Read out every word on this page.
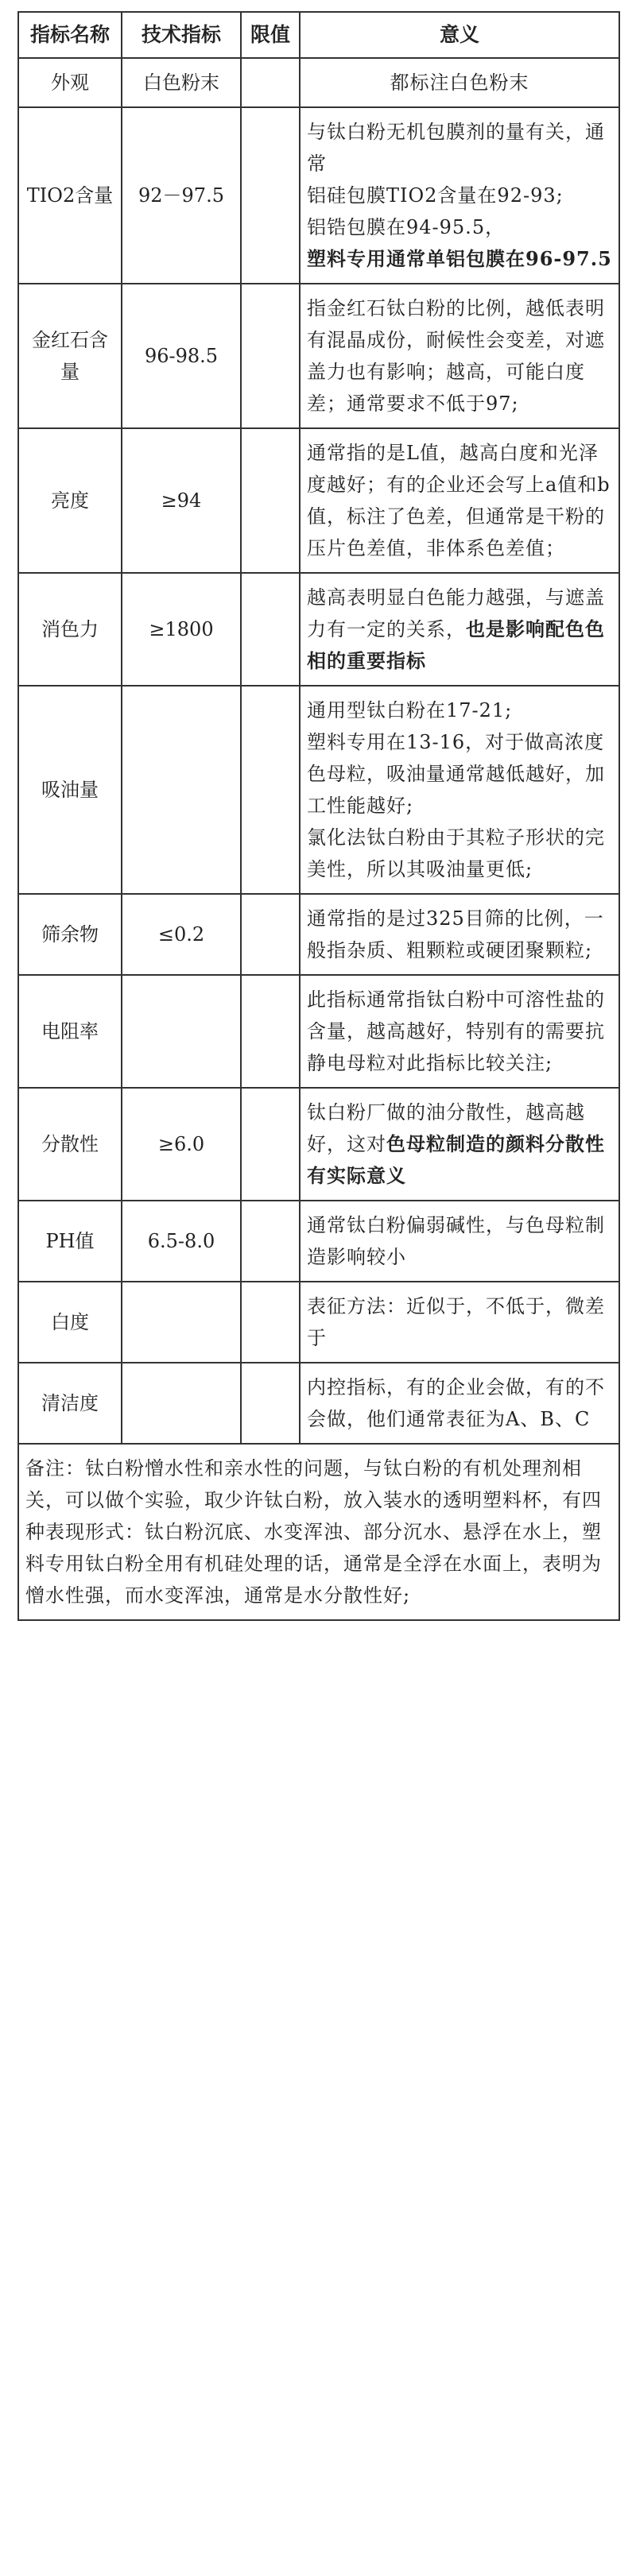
指标名称	技术指标	限值	意义
外观	白色粉末		都标注白色粉末

TIO2含量	92－97.5		与钛白粉无机包膜剂的量有关，通常
铝硅包膜TIO2含量在92-93;
铝锆包膜在94-95.5，
塑料专用通常单铝包膜在96-97.5

金红石含量	96-98.5		指金红石钛白粉的比例，越低表明有混晶成份，耐候性会变差，对遮盖力也有影响；越高，可能白度差；通常要求不低于97;

亮度	≥94		通常指的是L值，越高白度和光泽度越好；有的企业还会写上a值和b值，标注了色差，但通常是干粉的压片色差值，非体系色差值；

消色力	≥1800		越高表明显白色能力越强，与遮盖力有一定的关系，也是影响配色色相的重要指标
吸油量			通用型钛白粉在17-21;
塑料专用在13-16，对于做高浓度色母粒，吸油量通常越低越好，加工性能越好;
氯化法钛白粉由于其粒子形状的完美性，所以其吸油量更低;

筛余物	≤0.2		通常指的是过325目筛的比例，一般指杂质、粗颗粒或硬团聚颗粒;

电阻率			此指标通常指钛白粉中可溶性盐的含量，越高越好，特别有的需要抗静电母粒对此指标比较关注;

分散性	≥6.0		钛白粉厂做的油分散性，越高越好，这对色母粒制造的颜料分散性有实际意义
PH值	6.5-8.0		通常钛白粉偏弱碱性，与色母粒制造影响较小

白度			表征方法：近似于，不低于，微差于

清洁度			内控指标，有的企业会做，有的不会做，他们通常表征为A、B、C

备注：钛白粉憎水性和亲水性的问题，与钛白粉的有机处理剂相关，可以做个实验，取少许钛白粉，放入装水的透明塑料杯，有四种表现形式：钛白粉沉底、水变浑浊、部分沉水、悬浮在水上，塑料专用钛白粉全用有机硅处理的话，通常是全浮在水面上，表明为憎水性强，而水变浑浊，通常是水分散性好;			
